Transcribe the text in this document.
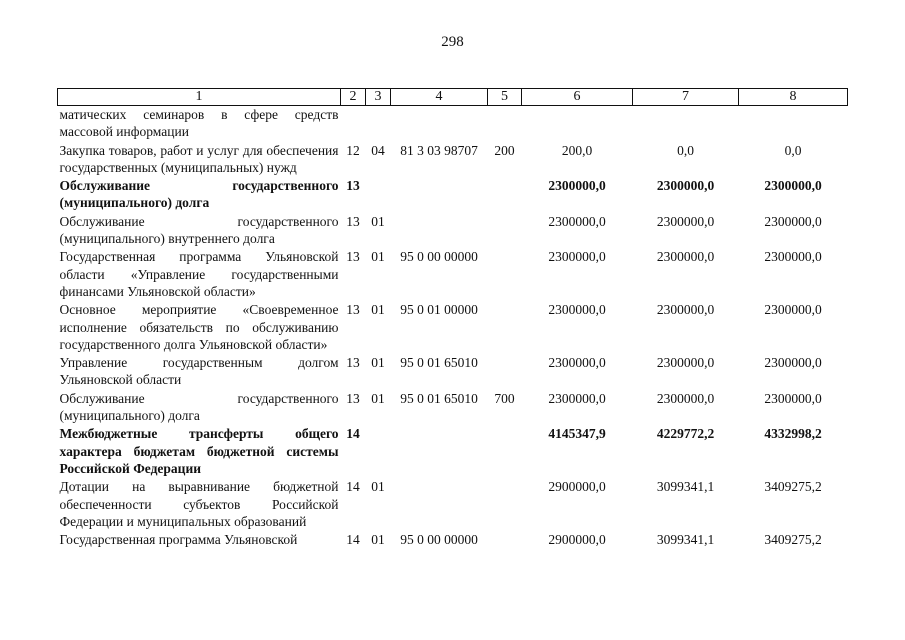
298
1	2	3	4	5	6	7	8
матических семинаров в сфере средств массовой информации							
Закупка товаров, работ и услуг для обеспечения государственных (муниципальных) нужд	12	04	81 3 03 98707	200	200,0	0,0	0,0
Обслуживание государственного (муниципального) долга	13				2300000,0	2300000,0	2300000,0
Обслуживание государственного (муниципального) внутреннего долга	13	01			2300000,0	2300000,0	2300000,0
Государственная программа Ульяновской области «Управление государственными финансами Ульяновской области»	13	01	95 0 00 00000		2300000,0	2300000,0	2300000,0
Основное мероприятие «Своевременное исполнение обязательств по обслуживанию государственного долга Ульяновской области»	13	01	95 0 01 00000		2300000,0	2300000,0	2300000,0
Управление государственным долгом Ульяновской области	13	01	95 0 01 65010		2300000,0	2300000,0	2300000,0
Обслуживание государственного (муниципального) долга	13	01	95 0 01 65010	700	2300000,0	2300000,0	2300000,0
Межбюджетные трансферты общего характера бюджетам бюджетной системы Российской Федерации	14				4145347,9	4229772,2	4332998,2
Дотации на выравнивание бюджетной обеспеченности субъектов Российской Федерации и муниципальных образований	14	01			2900000,0	3099341,1	3409275,2
Государственная программа Ульяновской	14	01	95 0 00 00000		2900000,0	3099341,1	3409275,2
